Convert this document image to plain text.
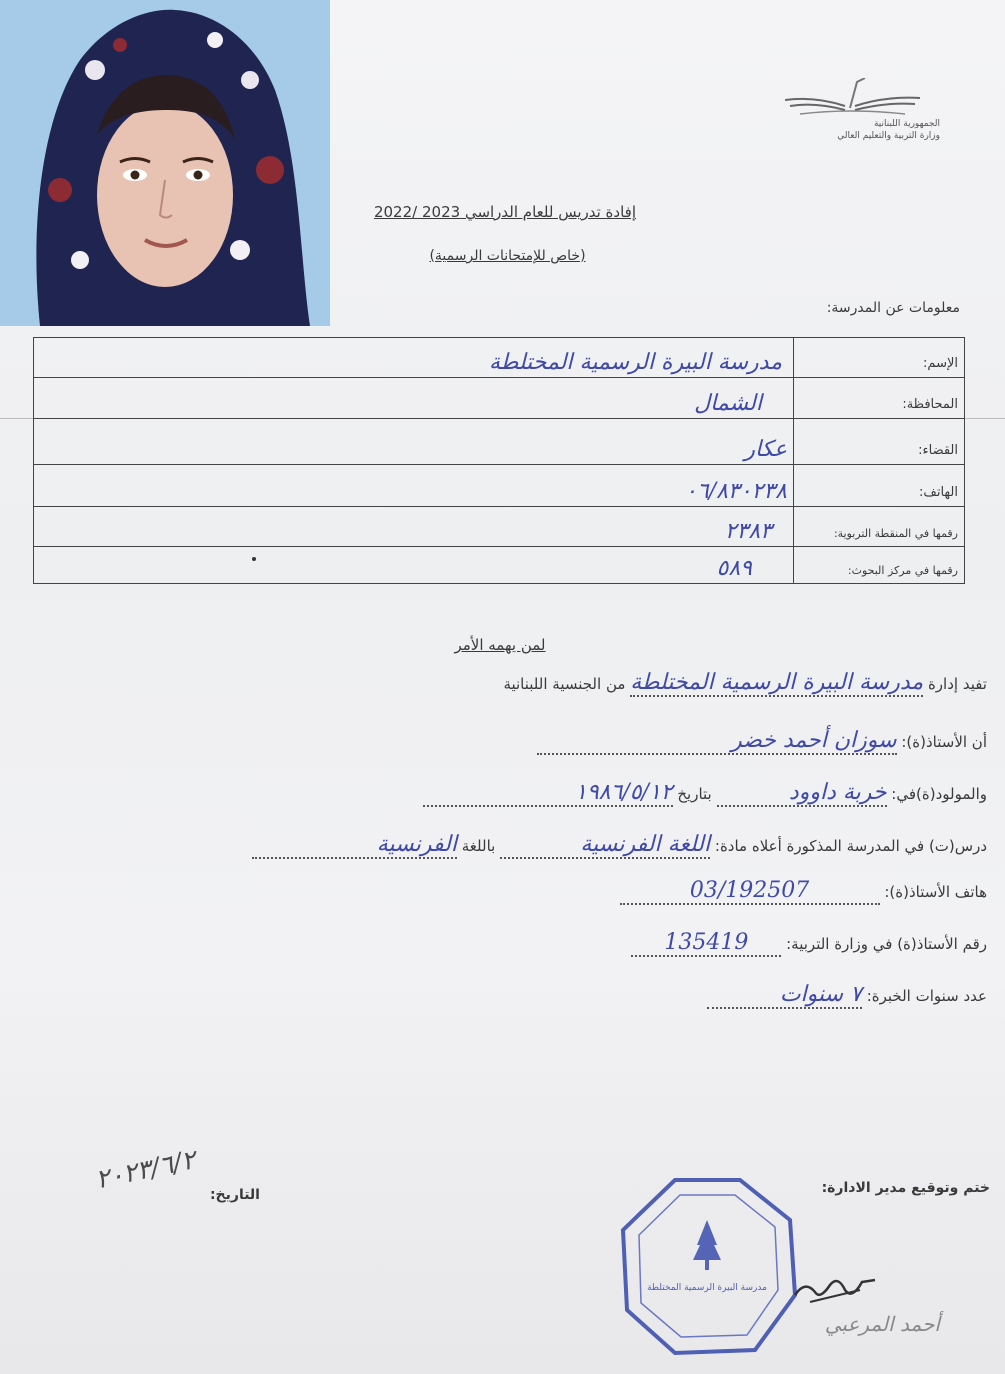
الجمهورية اللبنانية
وزارة التربية والتعليم العالي
إفادة تدريس للعام الدراسي 2023 /2022
(خاص للإمتحانات الرسمية)
معلومات عن المدرسة:
الإسم:
مدرسة البيرة الرسمية المختلطة
المحافظة:
الشمال
القضاء:
عكار
الهاتف:
٠٦/٨٣٠٢٣٨
رقمها في المنقطة التربوية:
٢٣٨٣
رقمها في مركز البحوث:
٥٨٩
لمن يهمه الأمر
تفيد إدارة مدرسة البيرة الرسمية المختلطة من الجنسية اللبنانية
أن الأستاذ(ة): سوزان أحمد خضر
والمولود(ة)في: خربة داوود بتاريخ ١٩٨٦/٥/١٢
درس(ت) في المدرسة المذكورة أعلاه مادة: اللغة الفرنسية باللغة الفرنسية
هاتف الأستاذ(ة): 03/192507
رقم الأستاذ(ة) في وزارة التربية: 135419
عدد سنوات الخبرة: ٧ سنوات
ختم وتوقيع مدير الادارة:
التاريخ:
٢٠٢٣/٦/٢
مدرسة البيرة الرسمية المختلطة
أحمد المرعبي
